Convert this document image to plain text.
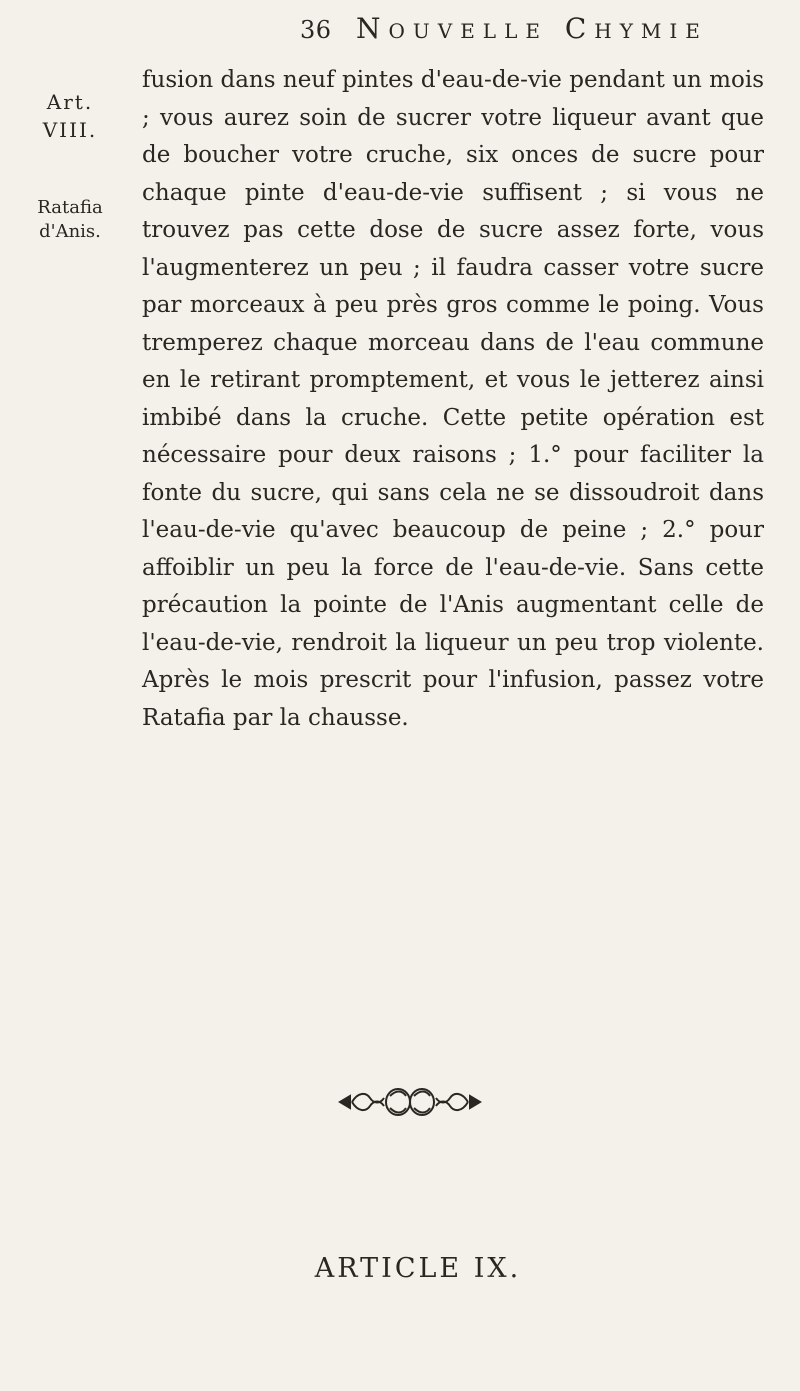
36 Nouvelle Chymie
Art. VIII.
Ratafia d'Anis.

fusion dans neuf pintes d'eau-de-vie pendant un mois ; vous aurez soin de sucrer votre liqueur avant que de boucher votre cruche, six onces de sucre pour chaque pinte d'eau-de-vie suffisent ; si vous ne trouvez pas cette dose de sucre assez forte, vous l'augmenterez un peu ; il faudra casser votre sucre par morceaux à peu près gros comme le poing. Vous tremperez chaque morceau dans de l'eau commune en le retirant promptement, et vous le jetterez ainsi imbibé dans la cruche. Cette petite opération est nécessaire pour deux raisons ; 1.° pour faciliter la fonte du sucre, qui sans cela ne se dissoudroit dans l'eau-de-vie qu'avec beaucoup de peine ; 2.° pour affoiblir un peu la force de l'eau-de-vie. Sans cette précaution la pointe de l'Anis augmentant celle de l'eau-de-vie, rendroit la liqueur un peu trop violente. Après le mois prescrit pour l'infusion, passez votre Ratafia par la chausse.

ARTICLE IX.
